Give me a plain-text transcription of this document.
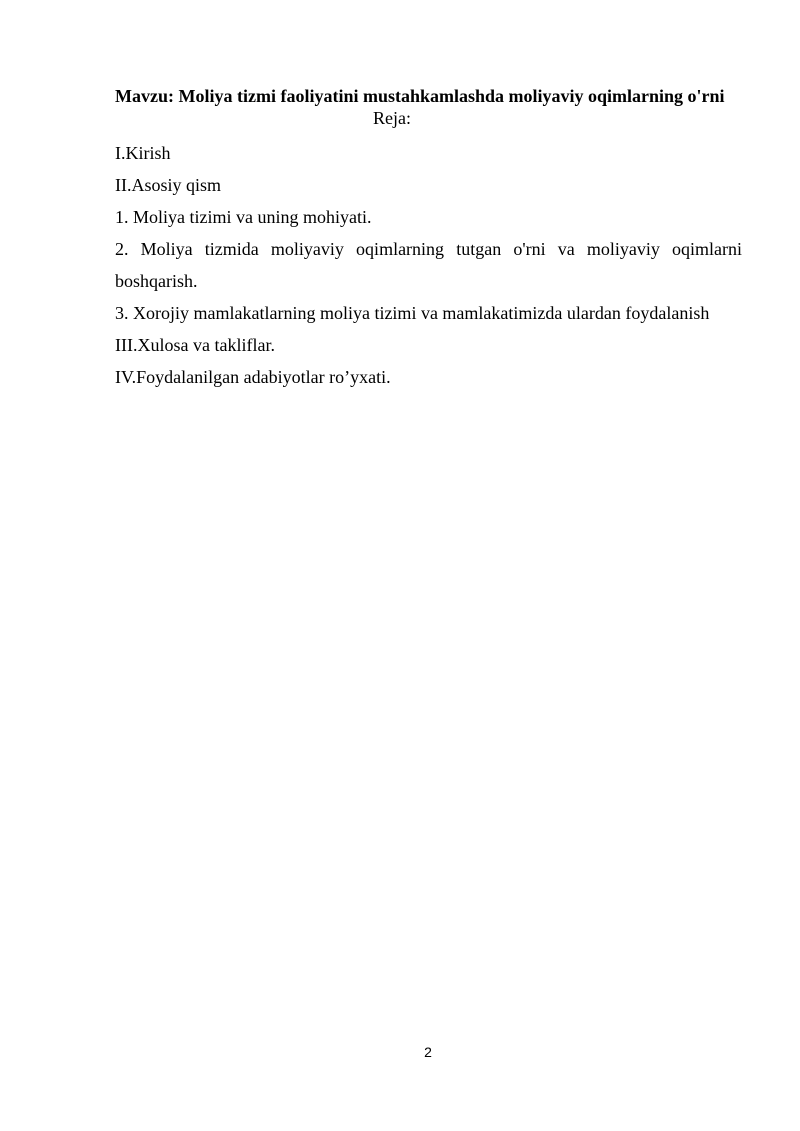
Mavzu: Moliya tizmi faoliyatini mustahkamlashda moliyaviy oqimlarning o'rni

Reja:

I.Kirish

II.Asosiy qism

1. Moliya tizimi va uning mohiyati.

2. Moliya tizmida moliyaviy oqimlarning tutgan o'rni va moliyaviy oqimlarni boshqarish.

3. Xorojiy mamlakatlarning moliya tizimi va mamlakatimizda ulardan foydalanish

III.Xulosa va takliflar.

IV.Foydalanilgan adabiyotlar ro’yxati.

2
